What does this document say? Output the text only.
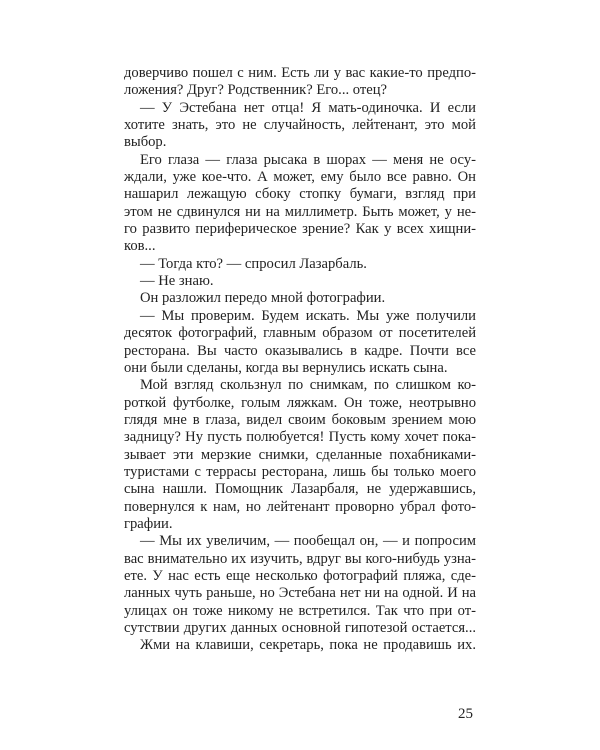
доверчиво пошел с ним. Есть ли у вас какие-то предпо-
ложения? Друг? Родственник? Его... отец?
— У Эстебана нет отца! Я мать-одиночка. И если
хотите знать, это не случайность, лейтенант, это мой
выбор.
Его глаза — глаза рысака в шорах — меня не осу-
ждали, уже кое-что. А может, ему было все равно. Он
нашарил лежащую сбоку стопку бумаги, взгляд при
этом не сдвинулся ни на миллиметр. Быть может, у не-
го развито периферическое зрение? Как у всех хищни-
ков...
— Тогда кто? — спросил Лазарбаль.
— Не знаю.
Он разложил передо мной фотографии.
— Мы проверим. Будем искать. Мы уже получили
десяток фотографий, главным образом от посетителей
ресторана. Вы часто оказывались в кадре. Почти все
они были сделаны, когда вы вернулись искать сына.
Мой взгляд скользнул по снимкам, по слишком ко-
роткой футболке, голым ляжкам. Он тоже, неотрывно
глядя мне в глаза, видел своим боковым зрением мою
задницу? Ну пусть полюбуется! Пусть кому хочет пока-
зывает эти мерзкие снимки, сделанные похабниками-
туристами с террасы ресторана, лишь бы только моего
сына нашли. Помощник Лазарбаля, не удержавшись,
повернулся к нам, но лейтенант проворно убрал фото-
графии.
— Мы их увеличим, — пообещал он, — и попросим
вас внимательно их изучить, вдруг вы кого-нибудь узна-
ете. У нас есть еще несколько фотографий пляжа, сде-
ланных чуть раньше, но Эстебана нет ни на одной. И на
улицах он тоже никому не встретился. Так что при от-
сутствии других данных основной гипотезой остается...
Жми на клавиши, секретарь, пока не продавишь их.
25
